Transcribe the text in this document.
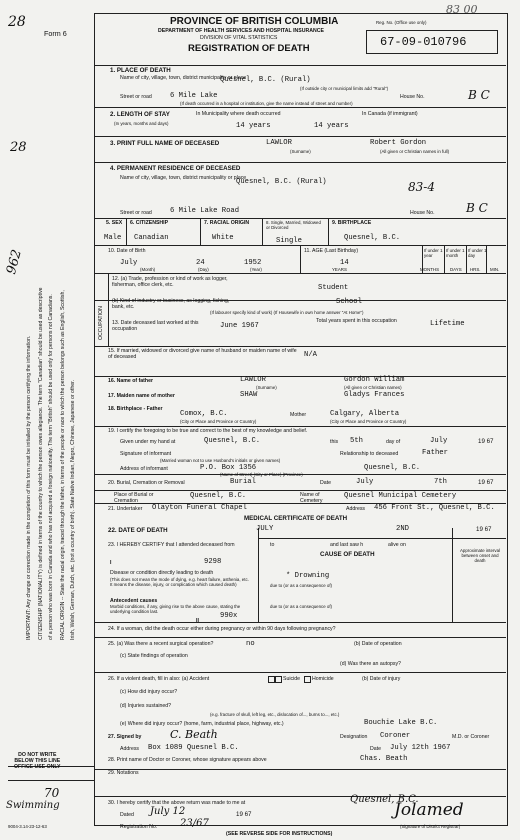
28
28
962
70
Swimming
9004-3.14-23-12-63
DO NOT WRITE
BELOW THIS LINE
OFFICE USE ONLY
IMPORTANT: Any change or correction made in the completion of this form must be initialled by the person certifying the information. CITIZENSHIP (NATIONALITY) is defined in terms of the country to which the person owes allegiance. The term "Canadian" should be used as descriptive of a person who was born in Canada and who has not acquired a foreign nationality. The term "British" should be used only for persons not Canadians. RACIAL ORIGIN -- State the racial origin, traced through the father, in terms of the people or race to which the person belongs such as English, Scottish, Irish, Welsh, German, Dutch, etc. (not a country of birth). State Native Indian, Negro, Chinese, Japanese or other.
Form 6
PROVINCE OF BRITISH COLUMBIA
DEPARTMENT OF HEALTH SERVICES AND HOSPITAL INSURANCE
DIVISION OF VITAL STATISTICS
REGISTRATION OF DEATH
Reg. No. (Office use only)
67-09-010796
83 00
1. PLACE OF DEATH
Name of city, village, town, district municipality or place
Quesnel, B.C. (Rural)
(If outside city or municipal limits add "Rural")
Street or road	6 Mile Lake	House No.	B C
(If death occurred in a hospital or institution, give the name instead of street and number)
2. LENGTH OF STAY
(In years, months and days)
In Municipality where death occurred
14 years
In Canada (if immigrant)
14 years
3. PRINT FULL NAME OF DECEASED	LAWLOR	Robert Gordon
(Surname)	(All given or Christian names in full)
4. PERMANENT RESIDENCE OF DECEASED
Name of city, village, town, district municipality or place
Quesnel, B.C. (Rural)	83-4
Street or road	6 Mile Lake Road	House No.	B C
5. SEX
Male
6. CITIZENSHIP
Canadian
7. RACIAL ORIGIN
White
8. Single, Married, Widowed or Divorced
Single
9. BIRTHPLACE
Quesnel, B.C.
10. Date of Birth
July	24	1952
(Month)	(Day)	(Year)
11. AGE (Last Birthday)
14
YEARS
If under 1 year
If under 1 month
If under 1 day
MONTHS DAYS HRS. MIN.
OCCUPATION
12. (a) Trade, profession or kind of work as logger, fisherman, office clerk, etc.	Student
(b) Kind of industry or business, as logging, fishing, bank, etc.
School
(If labourer specify kind of work) (If Housewife in own home answer "At Home")
13. Date deceased last worked at this occupation	June 1967
Total years spent in this occupation	Lifetime
15. If married, widowed or divorced give name of husband or maiden name of wife of deceased	N/A
16. Name of father	LAWLOR	Gordon William
(Surname)	(All given or Christian names)
17. Maiden name of mother	SHAW	Gladys Frances
18. Birthplace - Father
Comox, B.C.	Mother	Calgary, Alberta
(City or Place and Province or Country)	(City or Place and Province or Country)
19. I certify the foregoing to be true and correct to the best of my knowledge and belief.
Given under my hand at	Quesnel, B.C.	this 5th	day of	July	19 67
Signature of informant	Relationship to deceased	Father
(Married woman not to use Husband's initials or given names)
Address of informant	P.O. Box 1356	Quesnel, B.C.
(Name of Street) (City or Place) (Province)
20. Burial, Cremation or Removal	Burial	Date	July	7th	19 67
Place of Burial or Cremation
Quesnel, B.C.	Name of Cemetery
Quesnel Municipal Cemetery
21. Undertaker Olayton Funeral Chapel	Address 456 Front St., Quesnel, B.C.
MEDICAL CERTIFICATE OF DEATH
22. DATE OF DEATH	JULY	2ND	19 67
23. I HEREBY CERTIFY that I attended deceased from	to	and last saw h	alive on
CAUSE OF DEATH
Approximate interval between onset and death
I	9298
Disease or condition directly leading to death
(This does not mean the mode of dying, e.g. heart failure, asthenia, etc. It means the disease, injury, or complication which caused death)
* Drowning
due to (or as a consequence of)
due to (or as a consequence of)
Antecedent causes
Morbid conditions, if any, giving rise to the above cause, stating the underlying condition last.
II
990x
24. If a woman, did the death occur either during pregnancy or within 90 days following pregnancy?
25. (a) Was there a recent surgical operation?	no	(b) Date of operation
(c) State findings of operation
(d) Was there an autopsy?
26. If a violent death, fill in also: (a) Accident	Suicide Homicide	(b) Date of injury
(c) How did injury occur?
(d) Injuries sustained?
(e.g. fracture of skull, left leg, etc., dislocation of..., burns to..., etc.)
(e) Where did injury occur? (home, farm, industrial place, highway, etc.)	Bouchie Lake B.C.
27. Signed by	C. Beath	Designation Coroner	M.D. or Coroner
Address Box 1089 Quesnel B.C.	Date July 12th 1967
28. Print name of Doctor or Coroner, whose signature appears above	Chas. Beath
29. Notations
30. I hereby certify that the above return was made to me at	Quesnel, B.C.
Dated July 12	19 67
Registration No. 23/67
Jolamed
(Signature of District Registrar)
(SEE REVERSE SIDE FOR INSTRUCTIONS)
